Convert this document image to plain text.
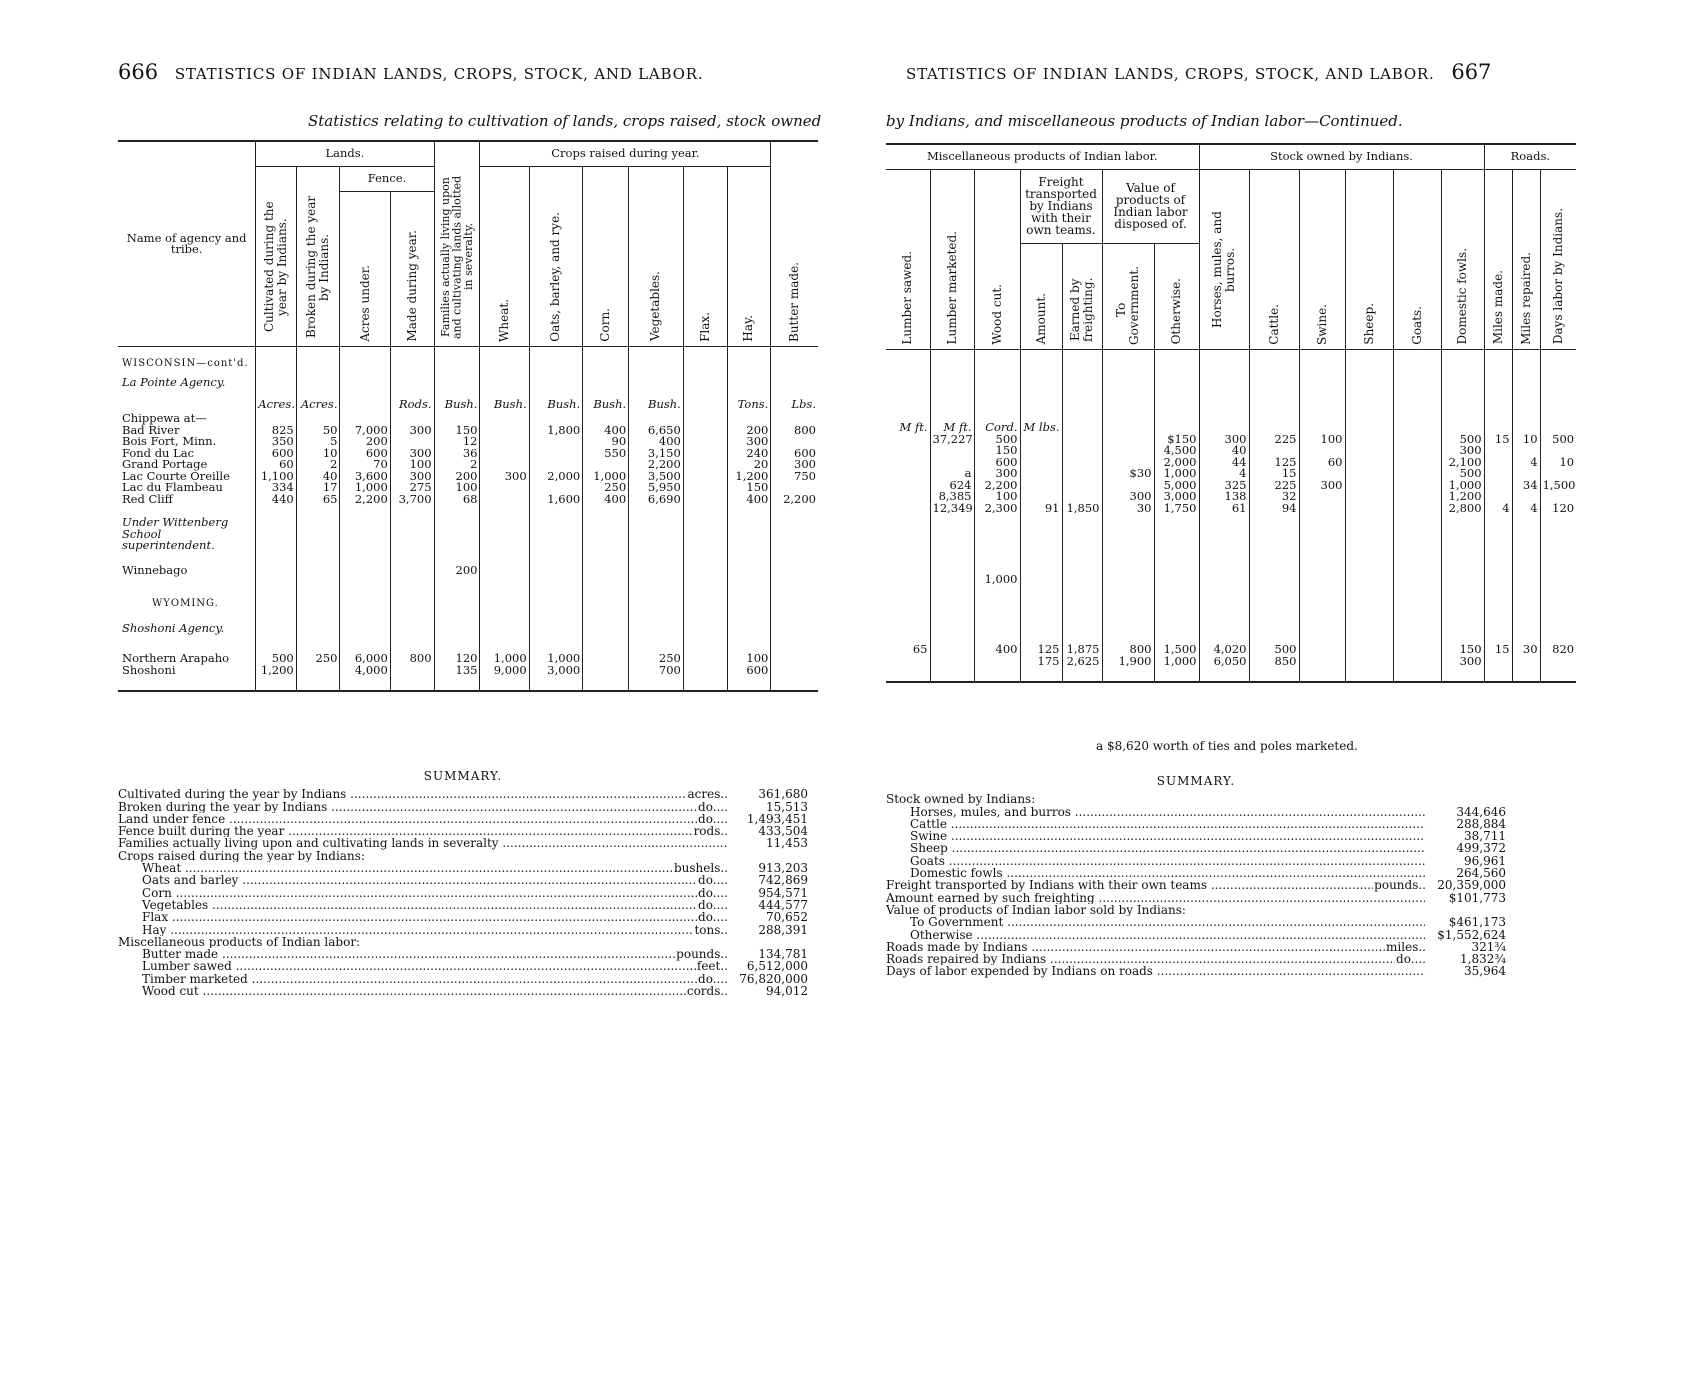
666 STATISTICS OF INDIAN LANDS, CROPS, STOCK, AND LABOR.
Statistics relating to cultivation of lands, crops raised, stock owned
Name of agency and tribe.	Lands.				Families actually living upon and cultivating lands allotted in severalty.	Crops raised during year.						Butter made.
	Cultivated during the year by Indians.	Broken during the year by Indians.	Fence.			Wheat.	Oats, barley, and rye.	Corn.	Vegetables.	Flax.	Hay.	
			Acres under.	Made during year.								
WISCONSIN—cont'd.												
La Pointe Agency.												
Chippewa at—	Acres.	Acres.		Rods.	Bush.	Bush.	Bush.	Bush.	Bush.		Tons.	Lbs.
Bad River	825	50	7,000	300	150		1,800	400	6,650		200	800
Bois Fort, Minn.	350	5	200		12			90	400		300	
Fond du Lac	600	10	600	300	36			550	3,150		240	600
Grand Portage	60	2	70	100	2				2,200		20	300
Lac Courte Oreille	1,100	40	3,600	300	200	300	2,000	1,000	3,500		1,200	750
Lac du Flambeau	334	17	1,000	275	100			250	5,950		150	
Red Cliff	440	65	2,200	3,700	68		1,600	400	6,690		400	2,200
Under Wittenberg School superintendent.												
Winnebago					200							
WYOMING.												
Shoshoni Agency.												
Northern Arapaho	500	250	6,000	800	120	1,000	1,000		250		100	
Shoshoni	1,200		4,000		135	9,000	3,000		700		600	

SUMMARY.
Cultivated during the year by Indians .....	acres..	361,680
Broken during the year by Indians .....	do....	15,513
Land under fence .....	do....	1,493,451
Fence built during the year .....	rods..	433,504
Families actually living upon and cultivating lands in severalty .....	11,453
Crops raised during the year by Indians:
Wheat .....	bushels..	913,203
Oats and barley .....	do....	742,869
Corn .....	do....	954,571
Vegetables .....	do....	444,577
Flax .....	do....	70,652
Hay .....	tons..	288,391
Miscellaneous products of Indian labor:
Butter made .....	pounds..	134,781
Lumber sawed .....	feet..	6,512,000
Timber marketed .....	do.... 76,820,000
Wood cut .....	cords..	94,012
STATISTICS OF INDIAN LANDS, CROPS, STOCK, AND LABOR. 667
by Indians, and miscellaneous products of Indian labor—Continued.
Miscellaneous products of Indian labor.							Stock owned by Indians.						Roads.		
Lumber sawed.	Lumber marketed.	Wood cut.	Freight transported by Indians with their own teams.		Value of products of Indian labor disposed of.		Horses, mules, and burros.	Cattle.	Swine.	Sheep.	Goats.	Domestic fowls.	Miles made.	Miles repaired.	Days labor by Indians.
			Amount.	Earned by freighting.	To Government.	Otherwise.									

M ft.	M ft.	Cord.	M lbs.												
	37,227	500				$150	300	225	100			500	15	10	500
		150				4,500	40					300			
		600				2,000	44	125	60			2,100		4	10
	a	300			$30	1,000	4	15				500			
	624	2,200				5,000	325	225	300			1,000		34	1,500
	8,385	100			300	3,000	138	32				1,200			
	12,349	2,300	91	1,850	30	1,750	61	94				2,800	4	4	120

		1,000													
65		400	125	1,875	800	1,500	4,020	500				150	15	30	820
			175	2,625	1,900	1,000	6,050	850				300			

a $8,620 worth of ties and poles marketed.
SUMMARY.
Stock owned by Indians:
Horses, mules, and burros .....	344,646
Cattle .....	288,884
Swine .....	38,711
Sheep .....	499,372
Goats .....	96,961
Domestic fowls .....	264,560
Freight transported by Indians with their own teams .....	pounds.. 20,359,000
Amount earned by such freighting .....	$101,773
Value of products of Indian labor sold by Indians:
To Government .....	$461,173
Otherwise .....	$1,552,624
Roads made by Indians .....	miles..	321¾
Roads repaired by Indians .....	do....	1,832¾
Days of labor expended by Indians on roads .....	35,964
